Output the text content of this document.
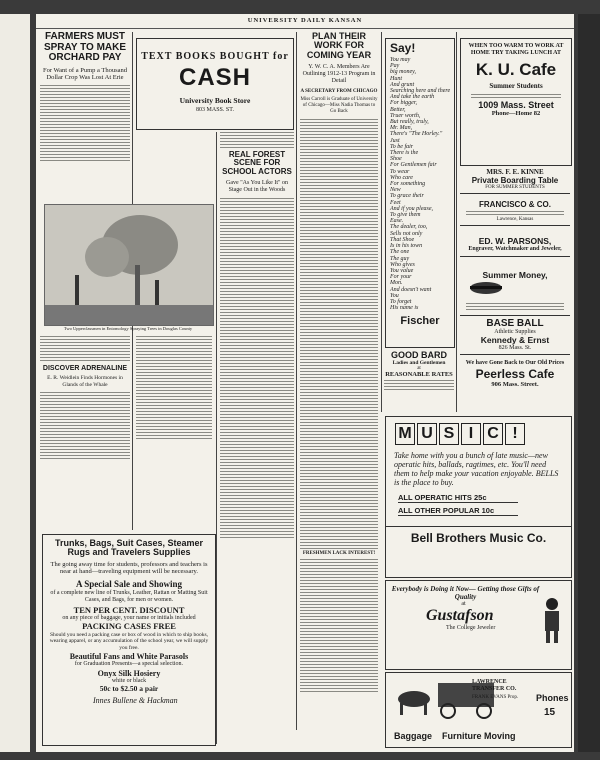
UNIVERSITY DAILY KANSAN
FARMERS MUST SPRAY TO MAKE ORCHARD PAY
For Want of a Pump a Thousand Dollar Crop Was Lost At Erie
Two Upperclassmen in Entomology Spraying Trees in Douglas County
DISCOVER ADRENALINE
E. R. Weidlein Finds Hormones in Glands of the Whale
TEXT BOOKS BOUGHT for
CASH
University Book Store
803 MASS. ST.
REAL FOREST SCENE FOR SCHOOL ACTORS
Gave "As You Like It" on Stage Out in the Woods
Trunks, Bags, Suit Cases, Steamer Rugs and Travelers Supplies
The going away time for students, professors and teachers is near at hand—traveling equipment will be necessary.
A Special Sale and Showing
of a complete new line of Trunks, Leather, Rattan or Matting Suit Cases, and Bags, for men or women.
TEN PER CENT. DISCOUNT
on any piece of baggage, your name or initials included
PACKING CASES FREE
Should you need a packing case or box of wood in which to ship books, wearing apparel, or any accumulation of the school year, we will supply you free.
Beautiful Fans and White Parasols
for Graduation Presents—a special selection.
Onyx Silk Hosiery
white or black
50c to $2.50 a pair
Innes Bullene & Hackman
PLAN THEIR WORK FOR COMING YEAR
Y. W. C. A. Members Are Outlining 1912-13 Program in Detail
A SECRETARY FROM CHICAGO
Miss Carroll is Graduate of University of Chicago—Miss Nadia Thomas to Go Back
FRESHMEN LACK INTEREST!
Say!
You may
Pay
big money,
Hunt
And grunt
Searching here and there
And take the earth
For bigger,
Better,
Truer worth,
But really, truly,
Mr. Man,
There's "The Horley."
Just
To be fair
There is the
Shoe
For Gentlemen fair
To wear
Who care
For something
New
To grace their
Feet
And if you please,
To give them
Ease.
The dealer, too,
Sells not only
That Shoe
Is in his town
The one
The guy
Who gives
You value
For your
Mon.
And doesn't want
You
To forget
His name is
Fischer
GOOD BARD
Ladies and Gentlemen
at
REASONABLE RATES
WHEN TOO WARM TO WORK AT HOME TRY TAKING LUNCH AT
K. U. Cafe
Summer Students
1009 Mass. Street
Phone—Home 82
MRS. F. E. KINNE
Private Boarding Table
FOR SUMMER STUDENTS
FRANCISCO & CO.
Lawrence, Kansas
ED. W. PARSONS,
Engraver, Watchmaker and Jeweler,
Summer Money,
BASE BALL
Athletic Supplies
Kennedy & Ernst
826 Mass. St.
We have Gone Back to Our Old Prices
Peerless Cafe
906 Mass. Street.
M U S I C !
Take home with you a bunch of late music—new operatic hits, ballads, ragtimes, etc. You'll need them to help make your vacation enjoyable. BELLS is the place to buy.
ALL OPERATIC HITS 25c
ALL OTHER POPULAR 10c
Bell Brothers Music Co.
Everybody is Doing it Now— Getting those Gifts of Quality
at
Gustafson
The College Jeweler
LAWRENCE TRANSFER CO.
FRANK EVANS Prop. Phones
15
Baggage    Furniture Moving
